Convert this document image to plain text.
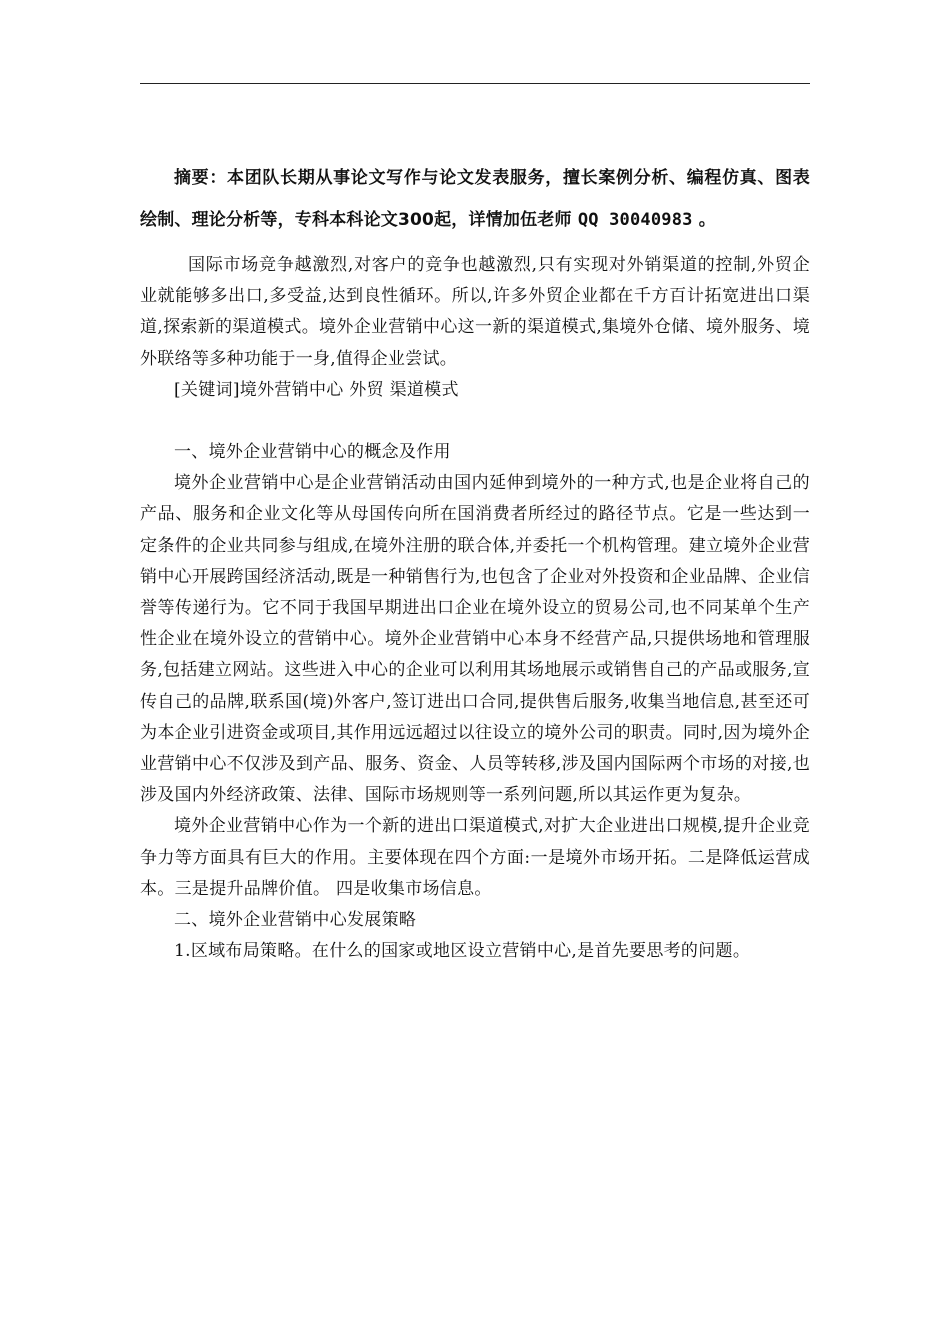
摘要：本团队长期从事论文写作与论文发表服务，擅长案例分析、编程仿真、图表绘制、理论分析等，专科本科论文300起，详情加伍老师 QQ 30040983 。

国际市场竞争越激烈,对客户的竞争也越激烈,只有实现对外销渠道的控制,外贸企业就能够多出口,多受益,达到良性循环。所以,许多外贸企业都在千方百计拓宽进出口渠道,探索新的渠道模式。境外企业营销中心这一新的渠道模式,集境外仓储、境外服务、境外联络等多种功能于一身,值得企业尝试。

[关键词]境外营销中心 外贸 渠道模式

一、境外企业营销中心的概念及作用

境外企业营销中心是企业营销活动由国内延伸到境外的一种方式,也是企业将自己的产品、服务和企业文化等从母国传向所在国消费者所经过的路径节点。它是一些达到一定条件的企业共同参与组成,在境外注册的联合体,并委托一个机构管理。建立境外企业营销中心开展跨国经济活动,既是一种销售行为,也包含了企业对外投资和企业品牌、企业信誉等传递行为。它不同于我国早期进出口企业在境外设立的贸易公司,也不同某单个生产性企业在境外设立的营销中心。境外企业营销中心本身不经营产品,只提供场地和管理服务,包括建立网站。这些进入中心的企业可以利用其场地展示或销售自己的产品或服务,宣传自己的品牌,联系国(境)外客户,签订进出口合同,提供售后服务,收集当地信息,甚至还可为本企业引进资金或项目,其作用远远超过以往设立的境外公司的职责。同时,因为境外企业营销中心不仅涉及到产品、服务、资金、人员等转移,涉及国内国际两个市场的对接,也涉及国内外经济政策、法律、国际市场规则等一系列问题,所以其运作更为复杂。

境外企业营销中心作为一个新的进出口渠道模式,对扩大企业进出口规模,提升企业竞争力等方面具有巨大的作用。主要体现在四个方面:一是境外市场开拓。二是降低运营成本。三是提升品牌价值。 四是收集市场信息。

二、境外企业营销中心发展策略

1.区域布局策略。在什么的国家或地区设立营销中心,是首先要思考的问题。
